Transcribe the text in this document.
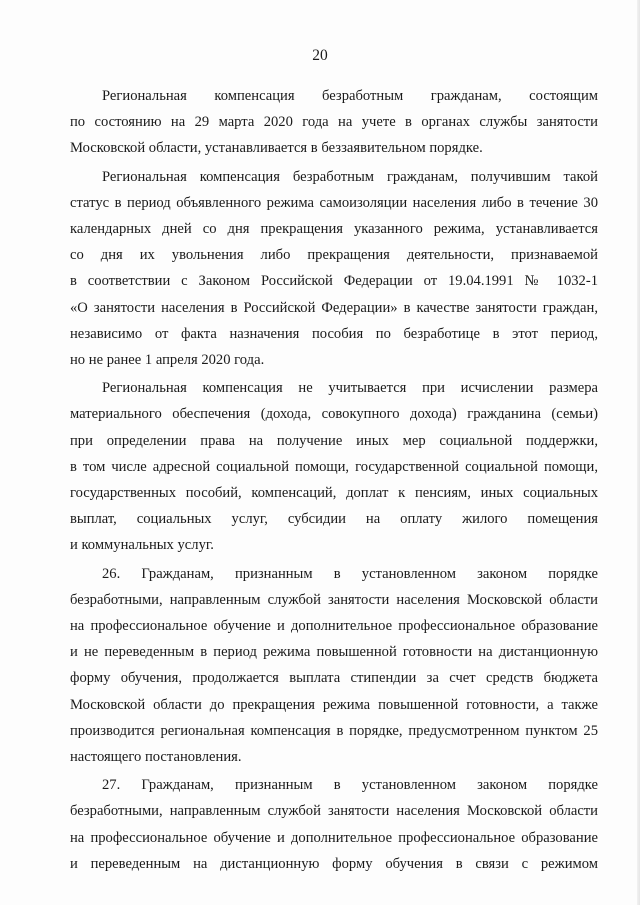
20
Региональная компенсация безработным гражданам, состоящим
по состоянию на 29 марта 2020 года на учете в органах службы занятости
Московской области, устанавливается в беззаявительном порядке.
Региональная компенсация безработным гражданам, получившим такой
статус в период объявленного режима самоизоляции населения либо в течение 30
календарных дней со дня прекращения указанного режима, устанавливается
со дня их увольнения либо прекращения деятельности, признаваемой
в соответствии с Законом Российской Федерации от 19.04.1991 № 1032-1
«О занятости населения в Российской Федерации» в качестве занятости граждан,
независимо от факта назначения пособия по безработице в этот период,
но не ранее 1 апреля 2020 года.
Региональная компенсация не учитывается при исчислении размера
материального обеспечения (дохода, совокупного дохода) гражданина (семьи)
при определении права на получение иных мер социальной поддержки,
в том числе адресной социальной помощи, государственной социальной помощи,
государственных пособий, компенсаций, доплат к пенсиям, иных социальных
выплат, социальных услуг, субсидии на оплату жилого помещения
и коммунальных услуг.
26. Гражданам, признанным в установленном законом порядке
безработными, направленным службой занятости населения Московской области
на профессиональное обучение и дополнительное профессиональное образование
и не переведенным в период режима повышенной готовности на дистанционную
форму обучения, продолжается выплата стипендии за счет средств бюджета
Московской области до прекращения режима повышенной готовности, а также
производится региональная компенсация в порядке, предусмотренном пунктом 25
настоящего постановления.
27. Гражданам, признанным в установленном законом порядке
безработными, направленным службой занятости населения Московской области
на профессиональное обучение и дополнительное профессиональное образование
и переведенным на дистанционную форму обучения в связи с режимом
